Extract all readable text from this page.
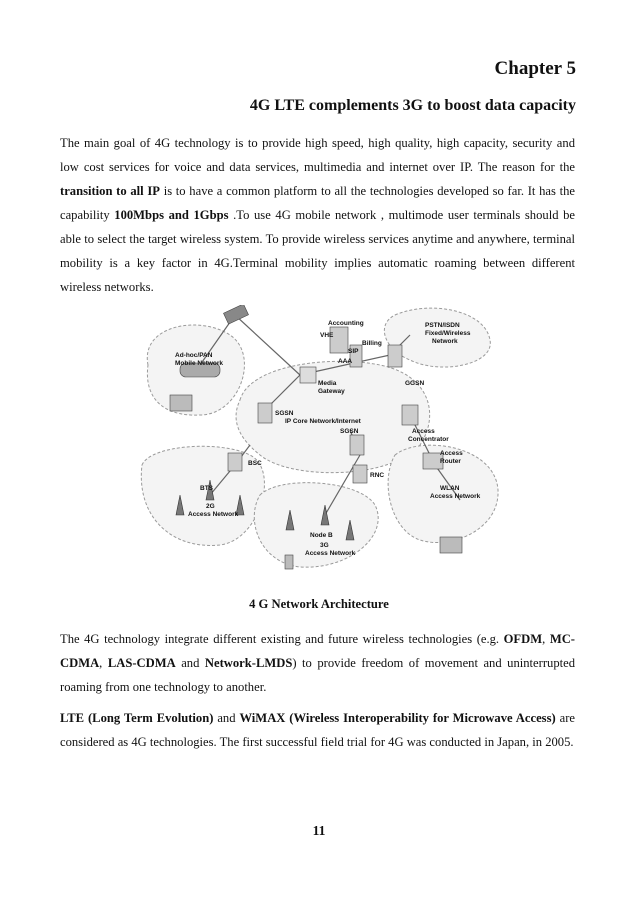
Chapter 5
4G LTE complements 3G to boost data capacity
The main goal of 4G technology is to provide high speed, high quality, high capacity, security and low cost services for voice and data services, multimedia and internet over IP. The reason for the transition to all IP is to have a common platform to all the technologies developed so far. It has the capability 100Mbps and 1Gbps .To use 4G mobile network , multimode user terminals should be able to select the target wireless system. To provide wireless services anytime and anywhere, terminal mobility is a key factor in 4G.Terminal mobility implies automatic roaming between different wireless networks.
Ad-hoc/PAN
Mobile Network
Accounting
VHE
AAA
SIP
Billing
PSTN/ISDN
Fixed/Wireless
Network
Media
Gateway
GGSN
SGSN
IP Core Network/Internet
Access
Concentrator
SGSN
BSC
RNC
Access
Router
BTS
2G
Access Network
Node B
3G
Access Network
WLAN
Access Network
4 G Network Architecture
The 4G technology integrate different existing and future wireless technologies (e.g. OFDM, MC-CDMA, LAS-CDMA and Network-LMDS) to provide freedom of movement and uninterrupted roaming from one technology to another.
LTE (Long Term Evolution) and WiMAX (Wireless Interoperability for Microwave Access) are considered as 4G technologies. The first successful field trial for 4G was conducted in Japan, in 2005.
11
